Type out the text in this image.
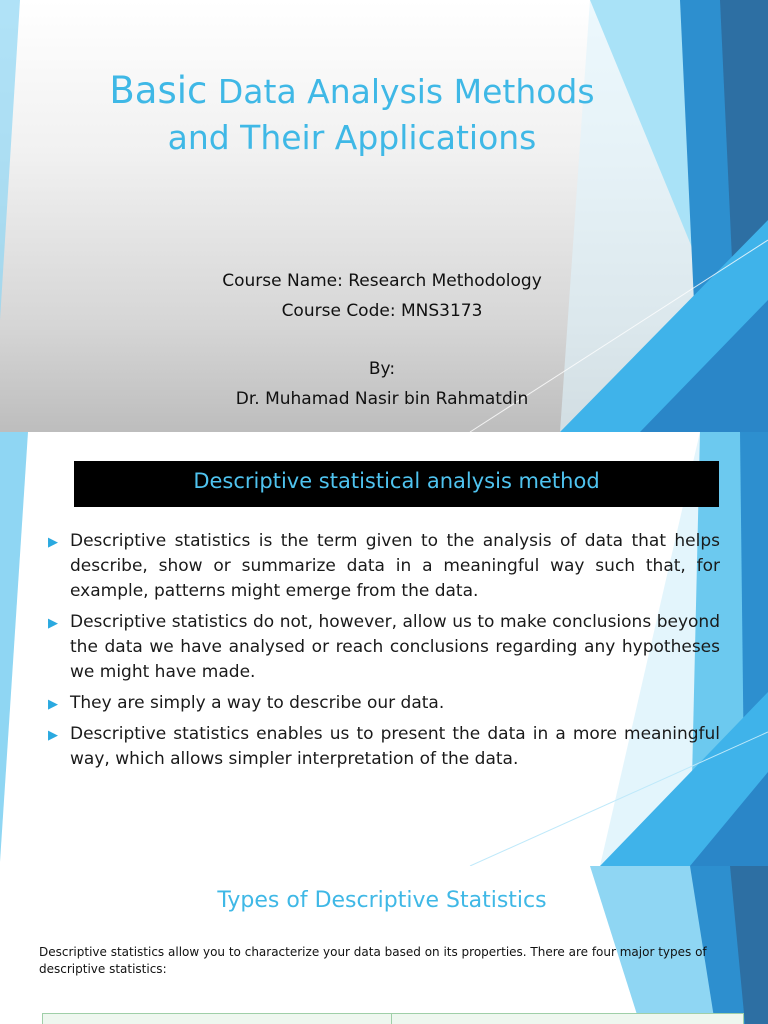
Basic Data Analysis Methods
and Their Applications
Course Name: Research Methodology
Course Code: MNS3173
By:
Dr. Muhamad Nasir bin Rahmatdin
Descriptive statistical analysis method
▶ Descriptive statistics is the term given to the analysis of data that helps describe, show or summarize data in a meaningful way such that, for example, patterns might emerge from the data.
▶ Descriptive statistics do not, however, allow us to make conclusions beyond the data we have analysed or reach conclusions regarding any hypotheses we might have made.
▶ They are simply a way to describe our data.
▶ Descriptive statistics enables us to present the data in a more meaningful way, which allows simpler interpretation of the data.
Types of Descriptive Statistics
Descriptive statistics allow you to characterize your data based on its properties. There are four major types of descriptive statistics:
